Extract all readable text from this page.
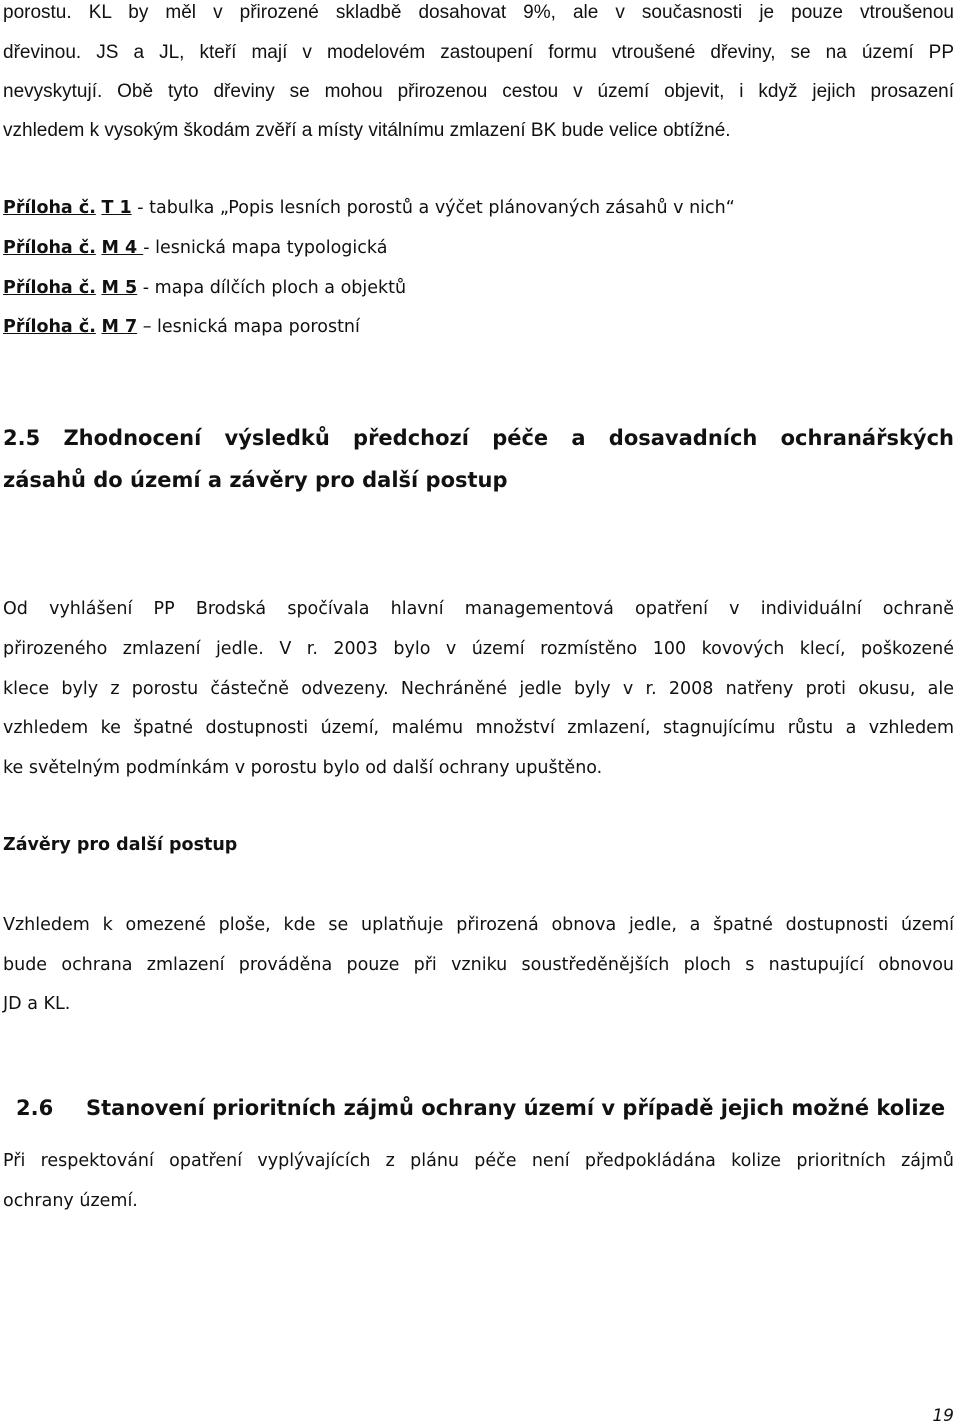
porostu. KL by měl v přirozené skladbě dosahovat 9%, ale v současnosti je pouze vtroušenou
dřevinou. JS a JL, kteří mají v modelovém zastoupení formu vtroušené dřeviny, se na území PP
nevyskytují. Obě tyto dřeviny se mohou přirozenou cestou v území objevit, i když jejich prosazení
vzhledem k vysokým škodám zvěří a místy vitálnímu zmlazení BK bude velice obtížné.
Příloha č. T 1 - tabulka „Popis lesních porostů a výčet plánovaných zásahů v nich“
Příloha č. M 4 - lesnická mapa typologická
Příloha č. M 5 - mapa dílčích ploch a objektů
Příloha č. M 7 – lesnická mapa porostní
2.5 Zhodnocení výsledků předchozí péče a dosavadních ochranářských
zásahů do území a závěry pro další postup
Od vyhlášení PP Brodská spočívala hlavní managementová opatření v individuální ochraně
přirozeného zmlazení jedle. V r. 2003 bylo v území rozmístěno 100 kovových klecí, poškozené
klece byly z porostu částečně odvezeny. Nechráněné jedle byly v r. 2008 natřeny proti okusu, ale
vzhledem ke špatné dostupnosti území, malému množství zmlazení, stagnujícímu růstu a vzhledem
ke světelným podmínkám v porostu bylo od další ochrany upuštěno.
Závěry pro další postup
Vzhledem k omezené ploše, kde se uplatňuje přirozená obnova jedle, a špatné dostupnosti území
bude ochrana zmlazení prováděna pouze při vzniku soustředěnějších ploch s nastupující obnovou
JD a KL.
2.6 Stanovení prioritních zájmů ochrany území v případě jejich možné kolize
Při respektování opatření vyplývajících z plánu péče není předpokládána kolize prioritních zájmů
ochrany území.
19
